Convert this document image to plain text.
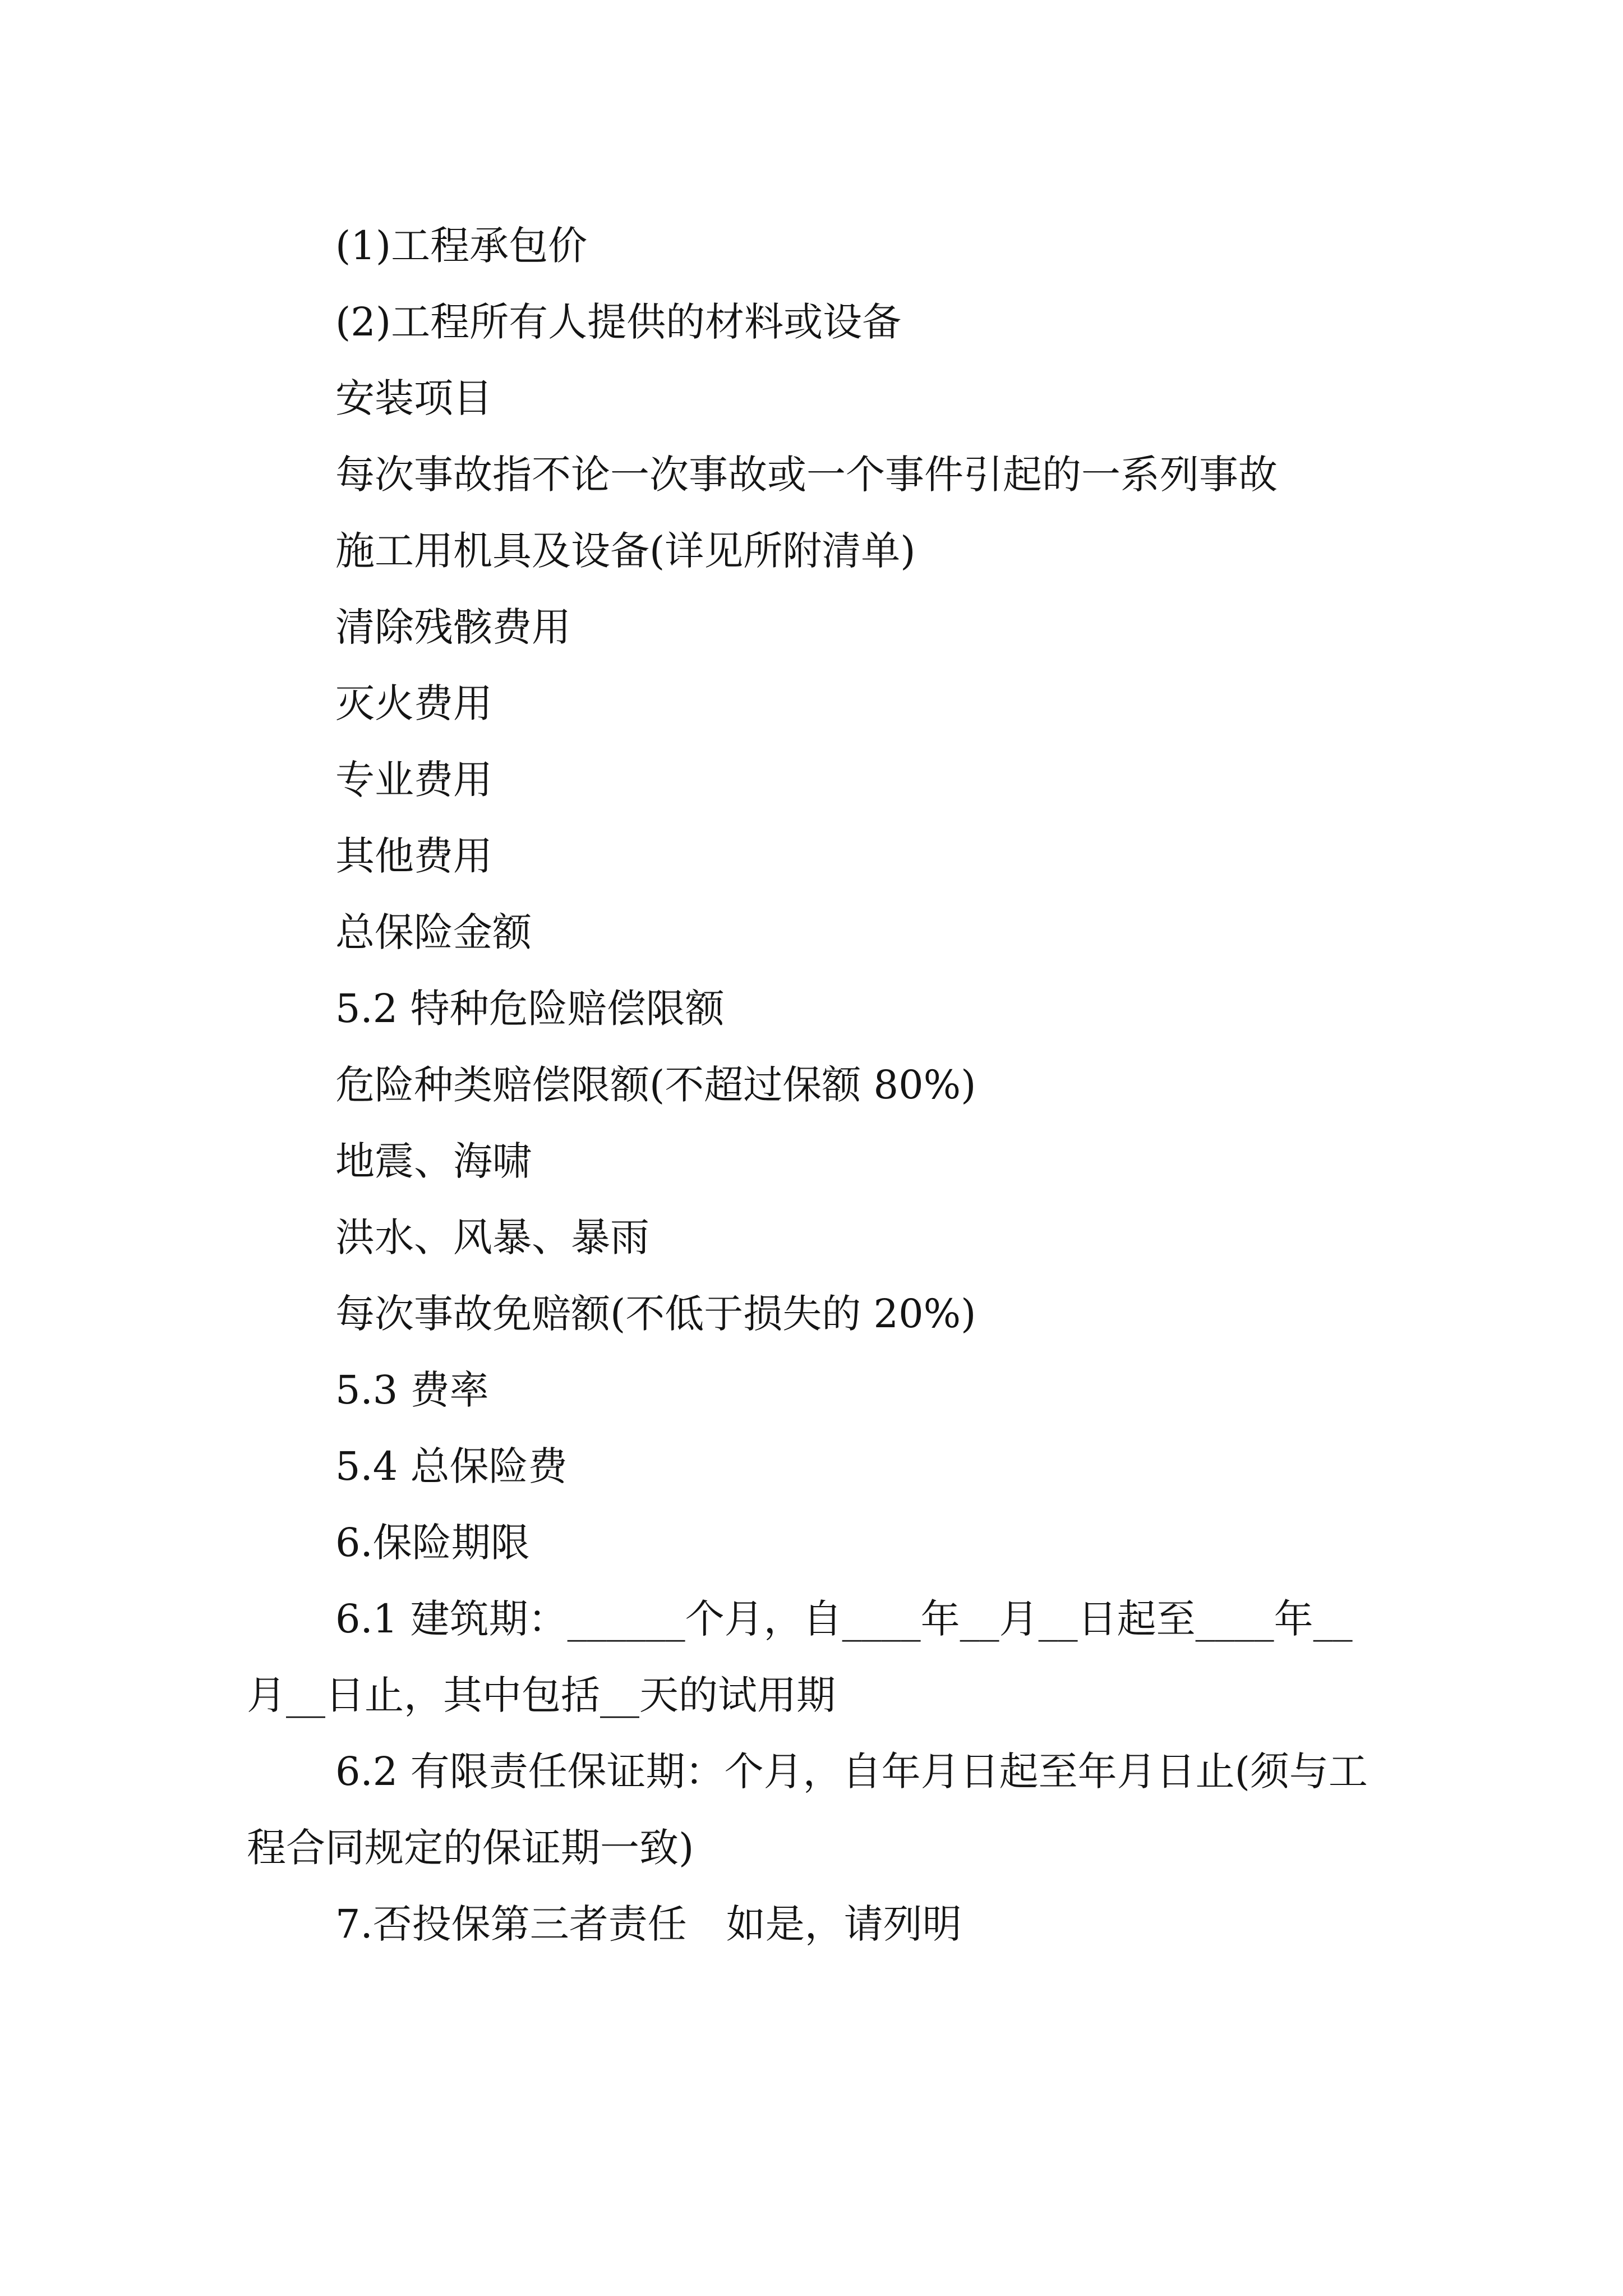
(1)工程承包价

(2)工程所有人提供的材料或设备

安装项目

每次事故指不论一次事故或一个事件引起的一系列事故

施工用机具及设备(详见所附清单)

清除残骸费用

灭火费用

专业费用

其他费用

总保险金额

5.2 特种危险赔偿限额

危险种类赔偿限额(不超过保额 80%)

地震、海啸

洪水、风暴、暴雨

每次事故免赔额(不低于损失的 20%)

5.3 费率

5.4 总保险费

6.保险期限

6.1 建筑期：______个月，自____年__月__日起至____年__月__日止，其中包括__天的试用期

6.2 有限责任保证期：个月，自年月日起至年月日止(须与工程合同规定的保证期一致)

7.否投保第三者责任　如是，请列明
